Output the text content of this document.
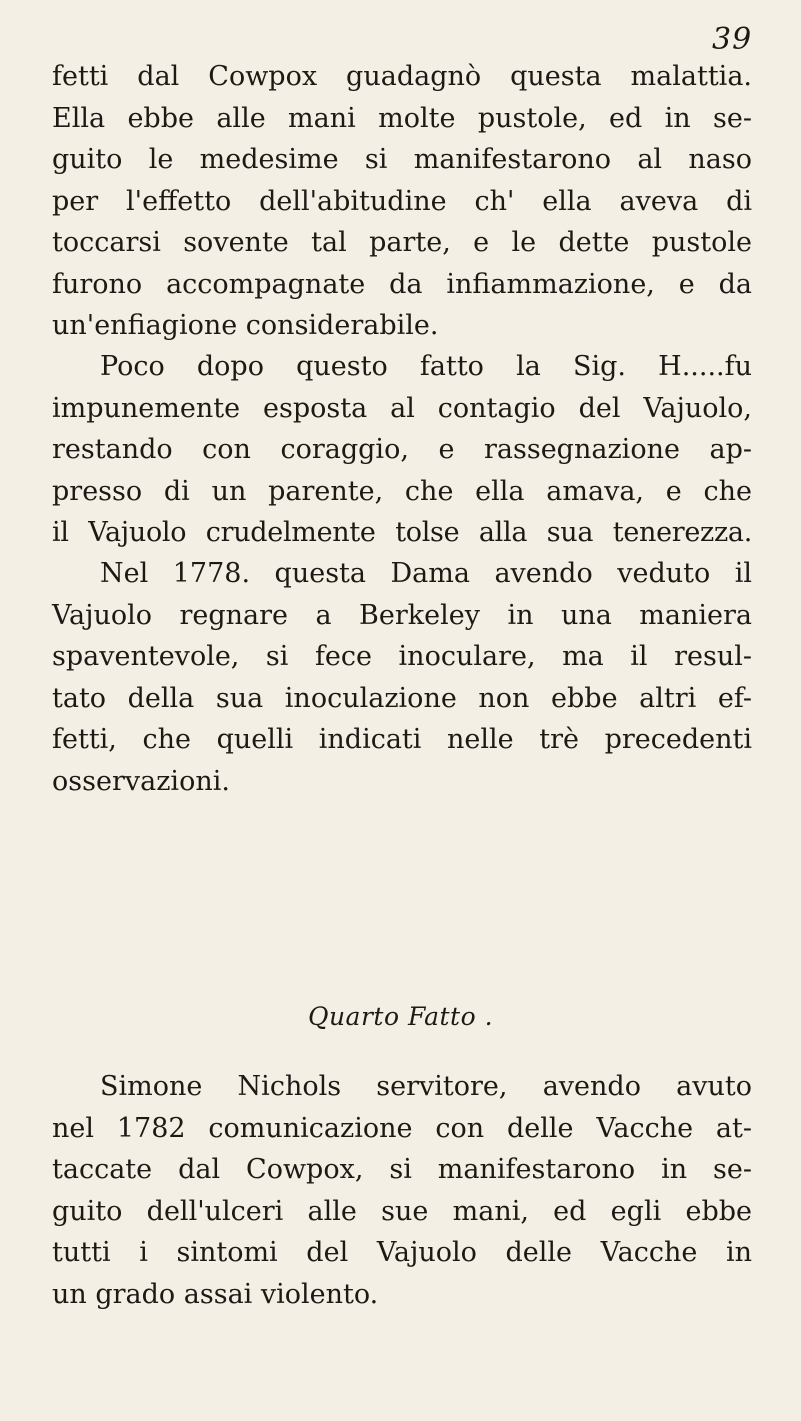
39
fetti dal Cowpox guadagnò questa malattia.
Ella ebbe alle mani molte pustole, ed in se-
guito le medesime si manifestarono al naso
per l'effetto dell'abitudine ch' ella aveva di
toccarsi sovente tal parte, e le dette pustole
furono accompagnate da infiammazione, e da
un'enfiagione considerabile.
Poco dopo questo fatto la Sig. H.....fu
impunemente esposta al contagio del Vajuolo,
restando con coraggio, e rassegnazione ap-
presso di un parente, che ella amava, e che
il Vajuolo crudelmente tolse alla sua tenerezza.
Nel 1778. questa Dama avendo veduto il
Vajuolo regnare a Berkeley in una maniera
spaventevole, si fece inoculare, ma il resul-
tato della sua inoculazione non ebbe altri ef-
fetti, che quelli indicati nelle trè precedenti
osservazioni.
Quarto Fatto .
Simone Nichols servitore, avendo avuto
nel 1782 comunicazione con delle Vacche at-
taccate dal Cowpox, si manifestarono in se-
guito dell'ulceri alle sue mani, ed egli ebbe
tutti i sintomi del Vajuolo delle Vacche in
un grado assai violento.
